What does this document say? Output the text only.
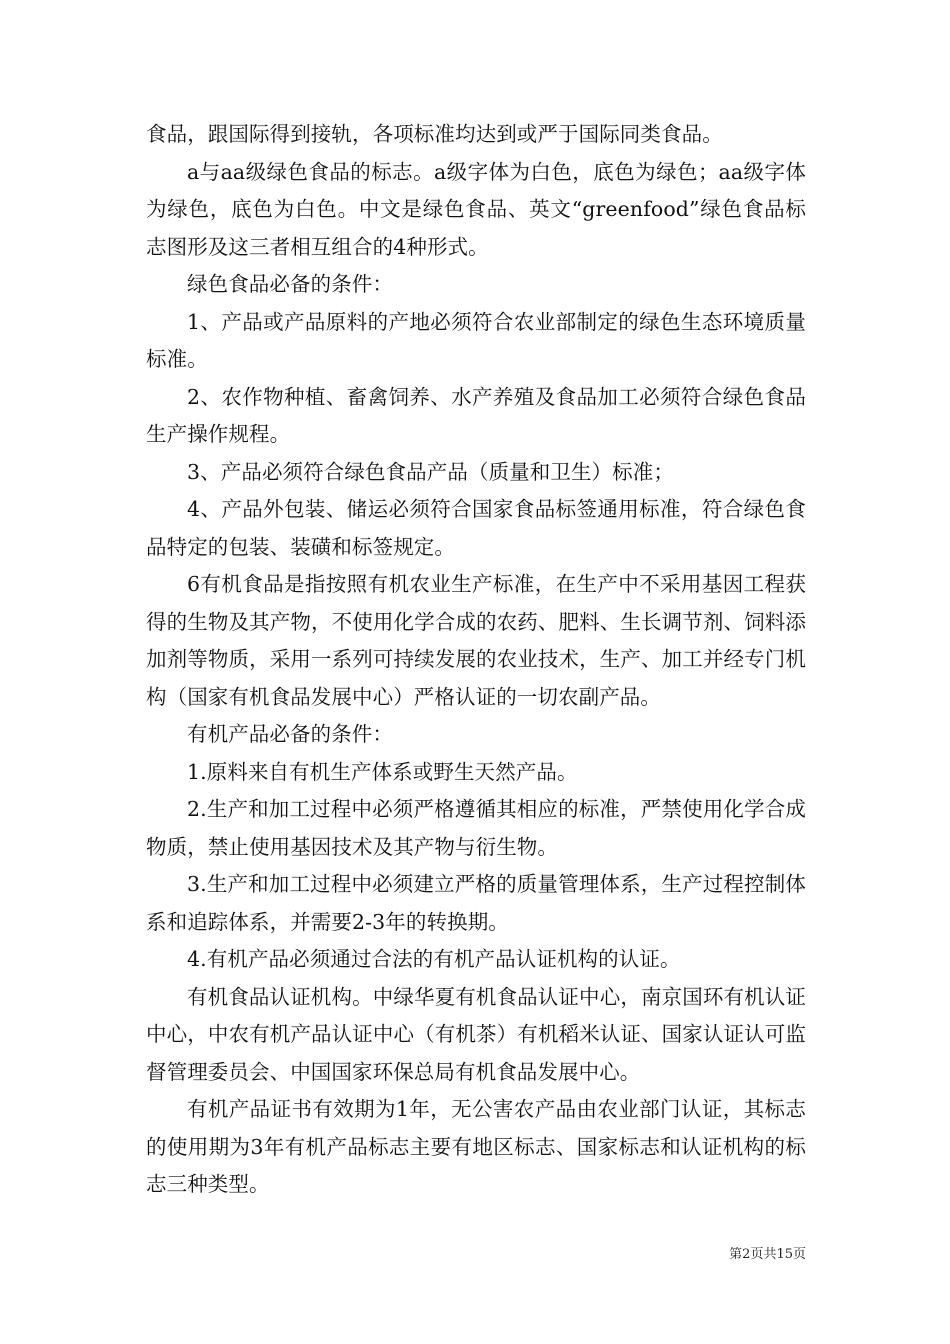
食品，跟国际得到接轨，各项标准均达到或严于国际同类食品。

a与aa级绿色食品的标志。a级字体为白色，底色为绿色；aa级字体为绿色，底色为白色。中文是绿色食品、英文“greenfood”绿色食品标志图形及这三者相互组合的4种形式。

绿色食品必备的条件：

1、产品或产品原料的产地必须符合农业部制定的绿色生态环境质量标准。

2、农作物种植、畜禽饲养、水产养殖及食品加工必须符合绿色食品生产操作规程。

3、产品必须符合绿色食品产品（质量和卫生）标准；

4、产品外包装、储运必须符合国家食品标签通用标准，符合绿色食品特定的包装、装磺和标签规定。

6有机食品是指按照有机农业生产标准，在生产中不采用基因工程获得的生物及其产物，不使用化学合成的农药、肥料、生长调节剂、饲料添加剂等物质，采用一系列可持续发展的农业技术，生产、加工并经专门机构（国家有机食品发展中心）严格认证的一切农副产品。

有机产品必备的条件：

1.原料来自有机生产体系或野生天然产品。

2.生产和加工过程中必须严格遵循其相应的标准，严禁使用化学合成物质，禁止使用基因技术及其产物与衍生物。

3.生产和加工过程中必须建立严格的质量管理体系，生产过程控制体系和追踪体系，并需要2-3年的转换期。

4.有机产品必须通过合法的有机产品认证机构的认证。

有机食品认证机构。中绿华夏有机食品认证中心，南京国环有机认证中心，中农有机产品认证中心（有机茶）有机稻米认证、国家认证认可监督管理委员会、中国国家环保总局有机食品发展中心。

有机产品证书有效期为1年，无公害农产品由农业部门认证，其标志的使用期为3年有机产品标志主要有地区标志、国家标志和认证机构的标志三种类型。

第2页共15页
